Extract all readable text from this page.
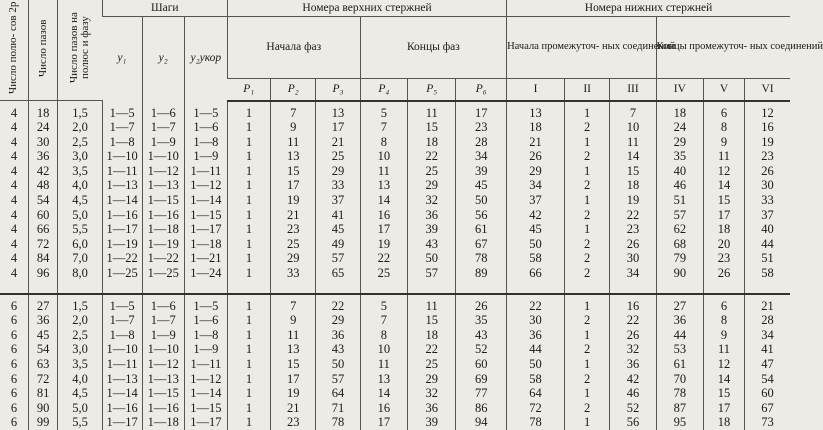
Число полю- сов 2p	Число пазов	Число пазов на полюс и фазу	Шаги			Номера верхних стержней						Номера нижних стержней					
			y₁	y₂	y₂укор	Начала фаз			Концы фаз			Начала промежуточ- ных соединений			Концы промежуточ- ных соединений		
						P₁	P₂	P₃	P₄	P₅	P₆	I	II	III	IV	V	VI

4	18	1,5	1—5	1—6	1—5	1	7	13	5	11	17	13	1	7	18	6	12
4	24	2,0	1—7	1—7	1—6	1	9	17	7	15	23	18	2	10	24	8	16
4	30	2,5	1—8	1—9	1—8	1	11	21	8	18	28	21	1	11	29	9	19
4	36	3,0	1—10	1—10	1—9	1	13	25	10	22	34	26	2	14	35	11	23
4	42	3,5	1—11	1—12	1—11	1	15	29	11	25	39	29	1	15	40	12	26
4	48	4,0	1—13	1—13	1—12	1	17	33	13	29	45	34	2	18	46	14	30
4	54	4,5	1—14	1—15	1—14	1	19	37	14	32	50	37	1	19	51	15	33
4	60	5,0	1—16	1—16	1—15	1	21	41	16	36	56	42	2	22	57	17	37
4	66	5,5	1—17	1—18	1—17	1	23	45	17	39	61	45	1	23	62	18	40
4	72	6,0	1—19	1—19	1—18	1	25	49	19	43	67	50	2	26	68	20	44
4	84	7,0	1—22	1—22	1—21	1	29	57	22	50	78	58	2	30	79	23	51
4	96	8,0	1—25	1—25	1—24	1	33	65	25	57	89	66	2	34	90	26	58

6	27	1,5	1—5	1—6	1—5	1	7	22	5	11	26	22	1	16	27	6	21
6	36	2,0	1—7	1—7	1—6	1	9	29	7	15	35	30	2	22	36	8	28
6	45	2,5	1—8	1—9	1—8	1	11	36	8	18	43	36	1	26	44	9	34
6	54	3,0	1—10	1—10	1—9	1	13	43	10	22	52	44	2	32	53	11	41
6	63	3,5	1—11	1—12	1—11	1	15	50	11	25	60	50	1	36	61	12	47
6	72	4,0	1—13	1—13	1—12	1	17	57	13	29	69	58	2	42	70	14	54
6	81	4,5	1—14	1—15	1—14	1	19	64	14	32	77	64	1	46	78	15	60
6	90	5,0	1—16	1—16	1—15	1	21	71	16	36	86	72	2	52	87	17	67
6	99	5,5	1—17	1—18	1—17	1	23	78	17	39	94	78	1	56	95	18	73
